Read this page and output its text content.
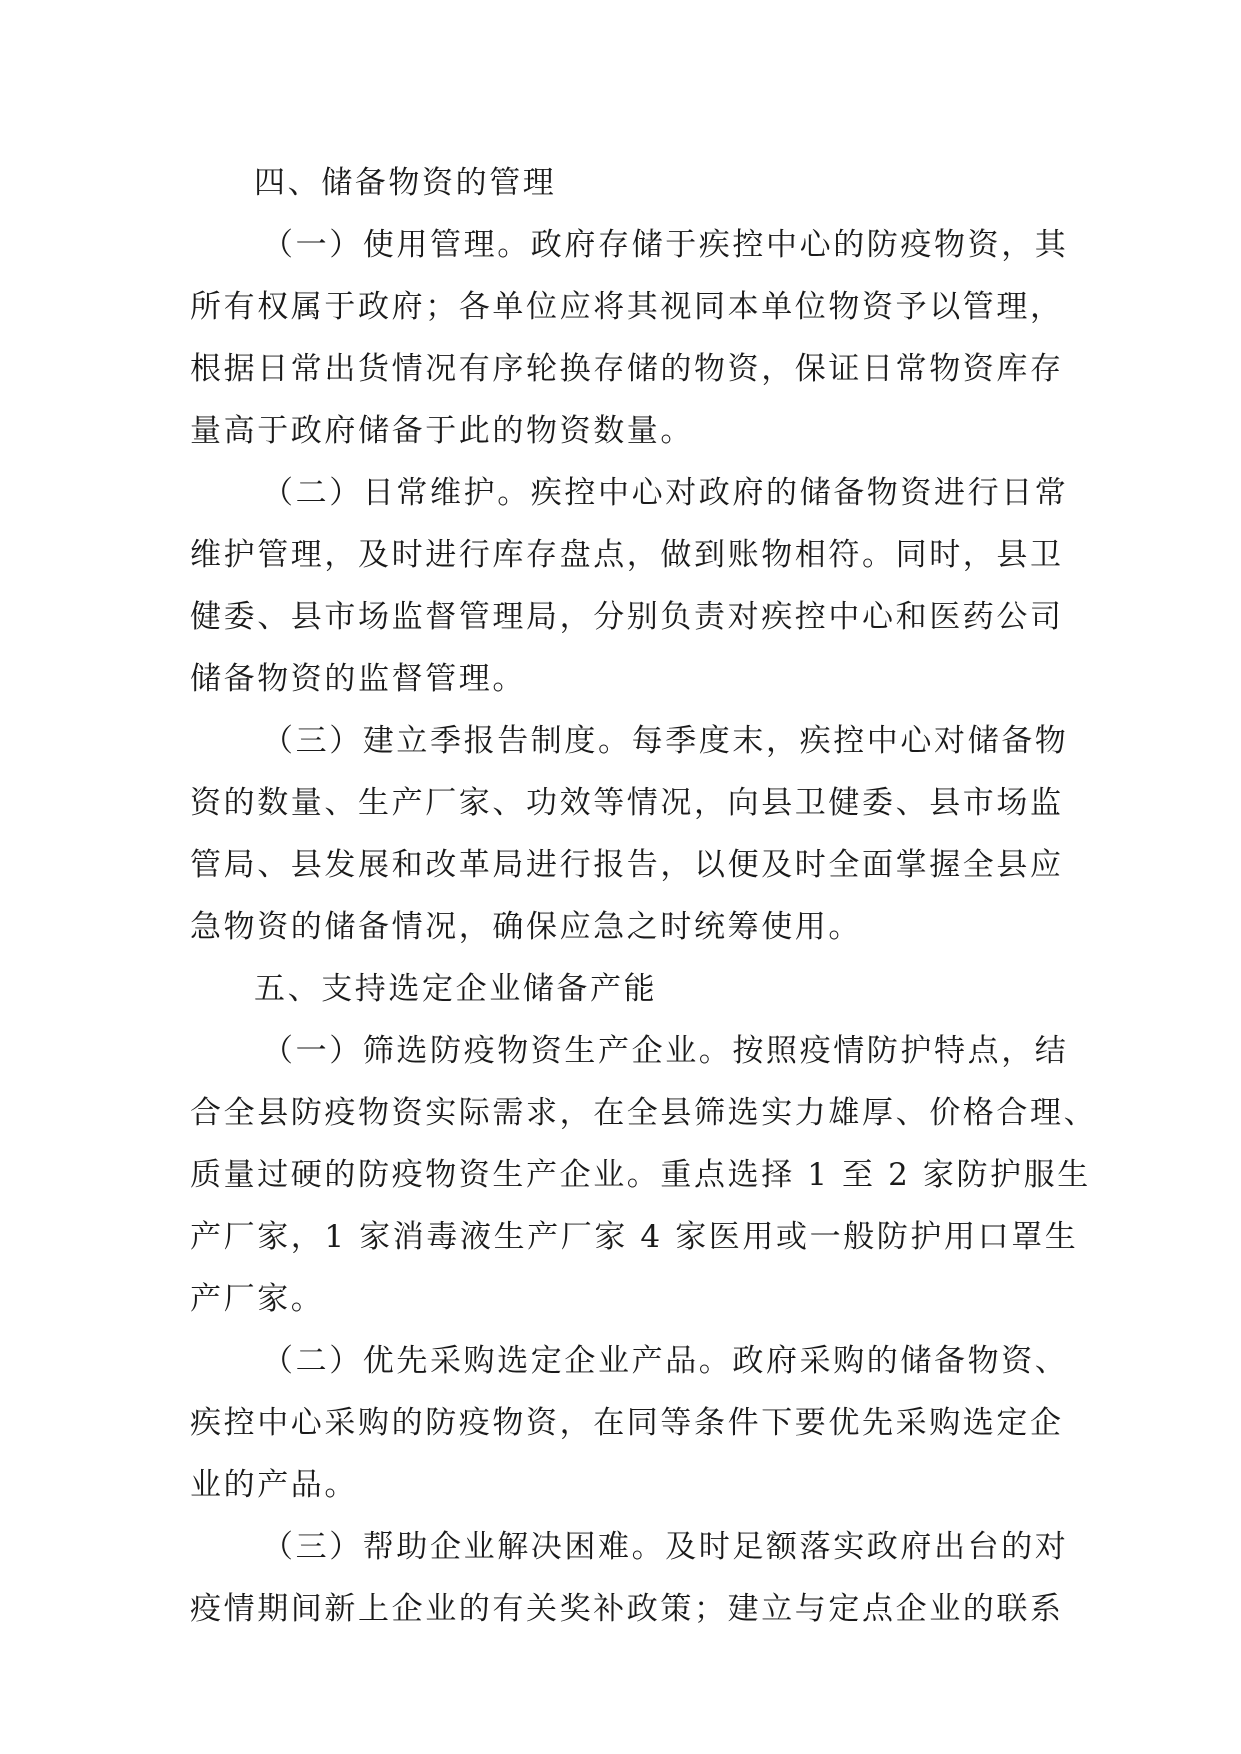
四、储备物资的管理
（一）使用管理。政府存储于疾控中心的防疫物资，其
所有权属于政府；各单位应将其视同本单位物资予以管理，
根据日常出货情况有序轮换存储的物资，保证日常物资库存
量高于政府储备于此的物资数量。
（二）日常维护。疾控中心对政府的储备物资进行日常
维护管理，及时进行库存盘点，做到账物相符。同时，县卫
健委、县市场监督管理局，分别负责对疾控中心和医药公司
储备物资的监督管理。
（三）建立季报告制度。每季度末，疾控中心对储备物
资的数量、生产厂家、功效等情况，向县卫健委、县市场监
管局、县发展和改革局进行报告，以便及时全面掌握全县应
急物资的储备情况，确保应急之时统筹使用。
五、支持选定企业储备产能
（一）筛选防疫物资生产企业。按照疫情防护特点，结
合全县防疫物资实际需求，在全县筛选实力雄厚、价格合理、
质量过硬的防疫物资生产企业。重点选择 1 至 2 家防护服生
产厂家，1 家消毒液生产厂家 4 家医用或一般防护用口罩生
产厂家。
（二）优先采购选定企业产品。政府采购的储备物资、
疾控中心采购的防疫物资，在同等条件下要优先采购选定企
业的产品。
（三）帮助企业解决困难。及时足额落实政府出台的对
疫情期间新上企业的有关奖补政策；建立与定点企业的联系
